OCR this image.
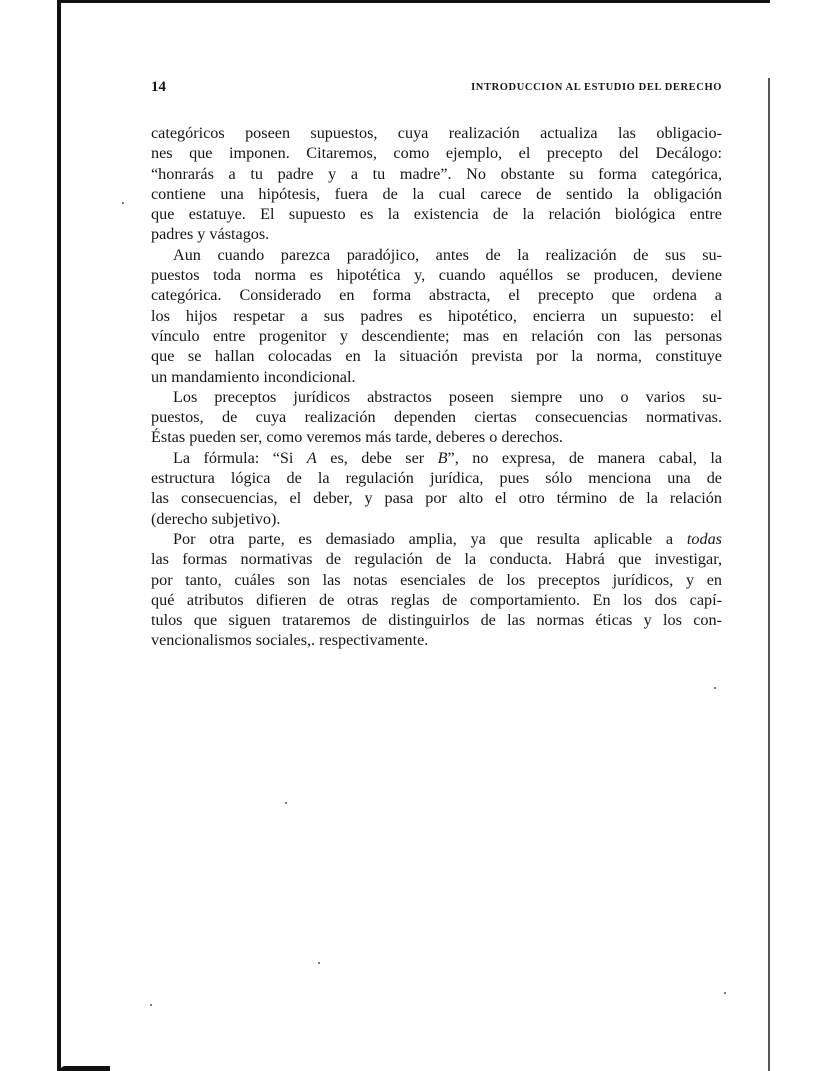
14	INTRODUCCION AL ESTUDIO DEL DERECHO
categóricos poseen supuestos, cuya realización actualiza las obligacio-
nes que imponen. Citaremos, como ejemplo, el precepto del Decálogo:
“honrarás a tu padre y a tu madre”. No obstante su forma categórica,
contiene una hipótesis, fuera de la cual carece de sentido la obligación
que estatuye. El supuesto es la existencia de la relación biológica entre
padres y vástagos.
Aun cuando parezca paradójico, antes de la realización de sus su-
puestos toda norma es hipotética y, cuando aquéllos se producen, deviene
categórica. Considerado en forma abstracta, el precepto que ordena a
los hijos respetar a sus padres es hipotético, encierra un supuesto: el
vínculo entre progenitor y descendiente; mas en relación con las personas
que se hallan colocadas en la situación prevista por la norma, constituye
un mandamiento incondicional.
Los preceptos jurídicos abstractos poseen siempre uno o varios su-
puestos, de cuya realización dependen ciertas consecuencias normativas.
Éstas pueden ser, como veremos más tarde, deberes o derechos.
La fórmula: “Si A es, debe ser B”, no expresa, de manera cabal, la
estructura lógica de la regulación jurídica, pues sólo menciona una de
las consecuencias, el deber, y pasa por alto el otro término de la relación
(derecho subjetivo).
Por otra parte, es demasiado amplia, ya que resulta aplicable a todas
las formas normativas de regulación de la conducta. Habrá que investigar,
por tanto, cuáles son las notas esenciales de los preceptos jurídicos, y en
qué atributos difieren de otras reglas de comportamiento. En los dos capí-
tulos que siguen trataremos de distinguirlos de las normas éticas y los con-
vencionalismos sociales,. respectivamente.
